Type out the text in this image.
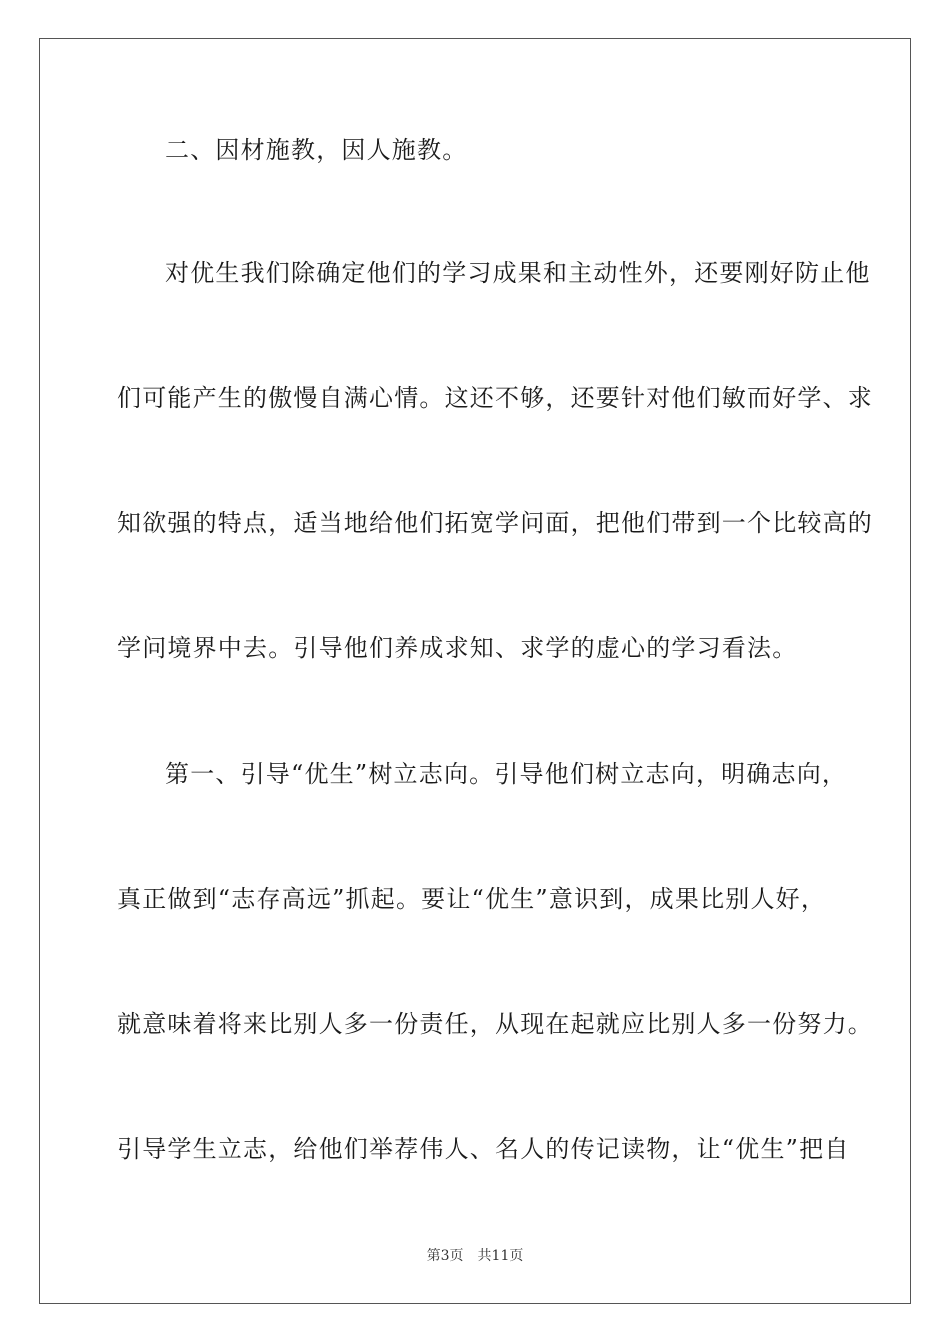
二、因材施教，因人施教。
对优生我们除确定他们的学习成果和主动性外，还要刚好防止他
们可能产生的傲慢自满心情。这还不够，还要针对他们敏而好学、求
知欲强的特点，适当地给他们拓宽学问面，把他们带到一个比较高的
学问境界中去。引导他们养成求知、求学的虚心的学习看法。
第一、引导“优生”树立志向。引导他们树立志向，明确志向，
真正做到“志存高远”抓起。要让“优生”意识到，成果比别人好，
就意味着将来比别人多一份责任，从现在起就应比别人多一份努力。
引导学生立志，给他们举荐伟人、名人的传记读物，让“优生”把自
第3页 共11页
